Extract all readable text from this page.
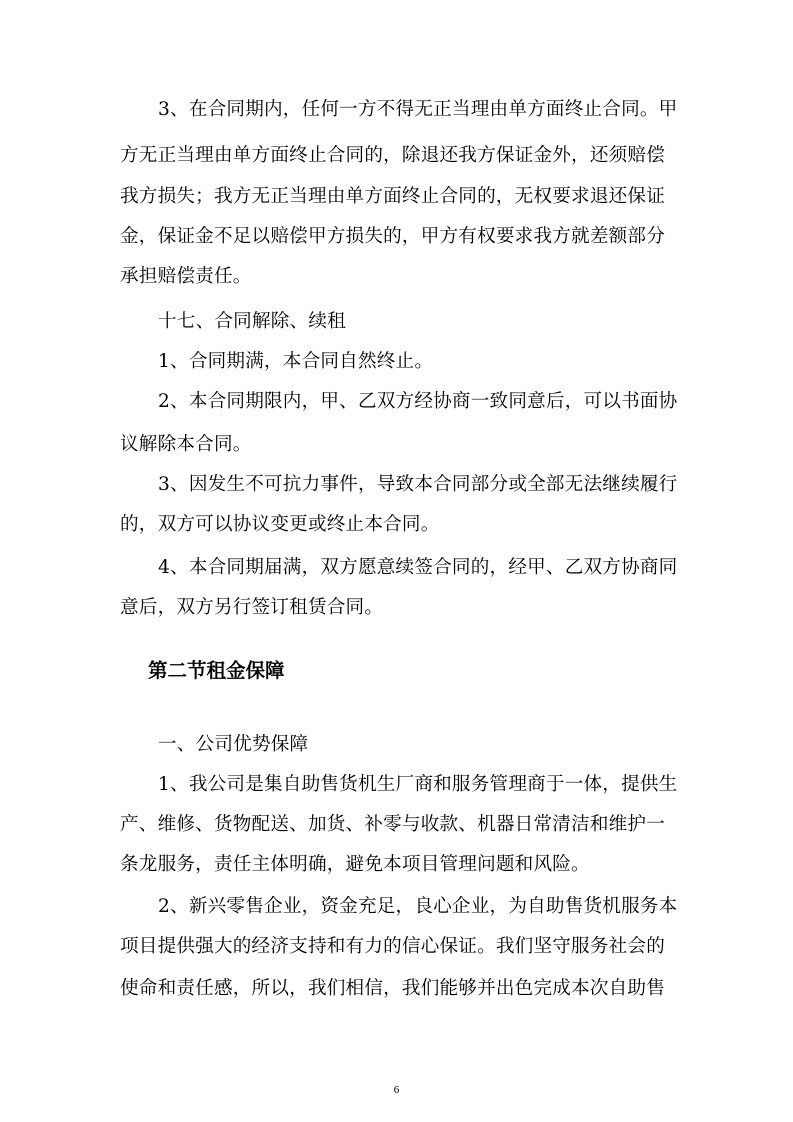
3、在合同期内，任何一方不得无正当理由单方面终止合同。甲
方无正当理由单方面终止合同的，除退还我方保证金外，还须赔偿
我方损失；我方无正当理由单方面终止合同的，无权要求退还保证
金，保证金不足以赔偿甲方损失的，甲方有权要求我方就差额部分
承担赔偿责任。
十七、合同解除、续租
1、合同期满，本合同自然终止。
2、本合同期限内，甲、乙双方经协商一致同意后，可以书面协
议解除本合同。
3、因发生不可抗力事件，导致本合同部分或全部无法继续履行
的，双方可以协议变更或终止本合同。
4、本合同期届满，双方愿意续签合同的，经甲、乙双方协商同
意后，双方另行签订租赁合同。
第二节租金保障
一、公司优势保障
1、我公司是集自助售货机生厂商和服务管理商于一体，提供生
产、维修、货物配送、加货、补零与收款、机器日常清洁和维护一
条龙服务，责任主体明确，避免本项目管理问题和风险。
2、新兴零售企业，资金充足，良心企业，为自助售货机服务本
项目提供强大的经济支持和有力的信心保证。我们坚守服务社会的
使命和责任感，所以，我们相信，我们能够并出色完成本次自助售
6
